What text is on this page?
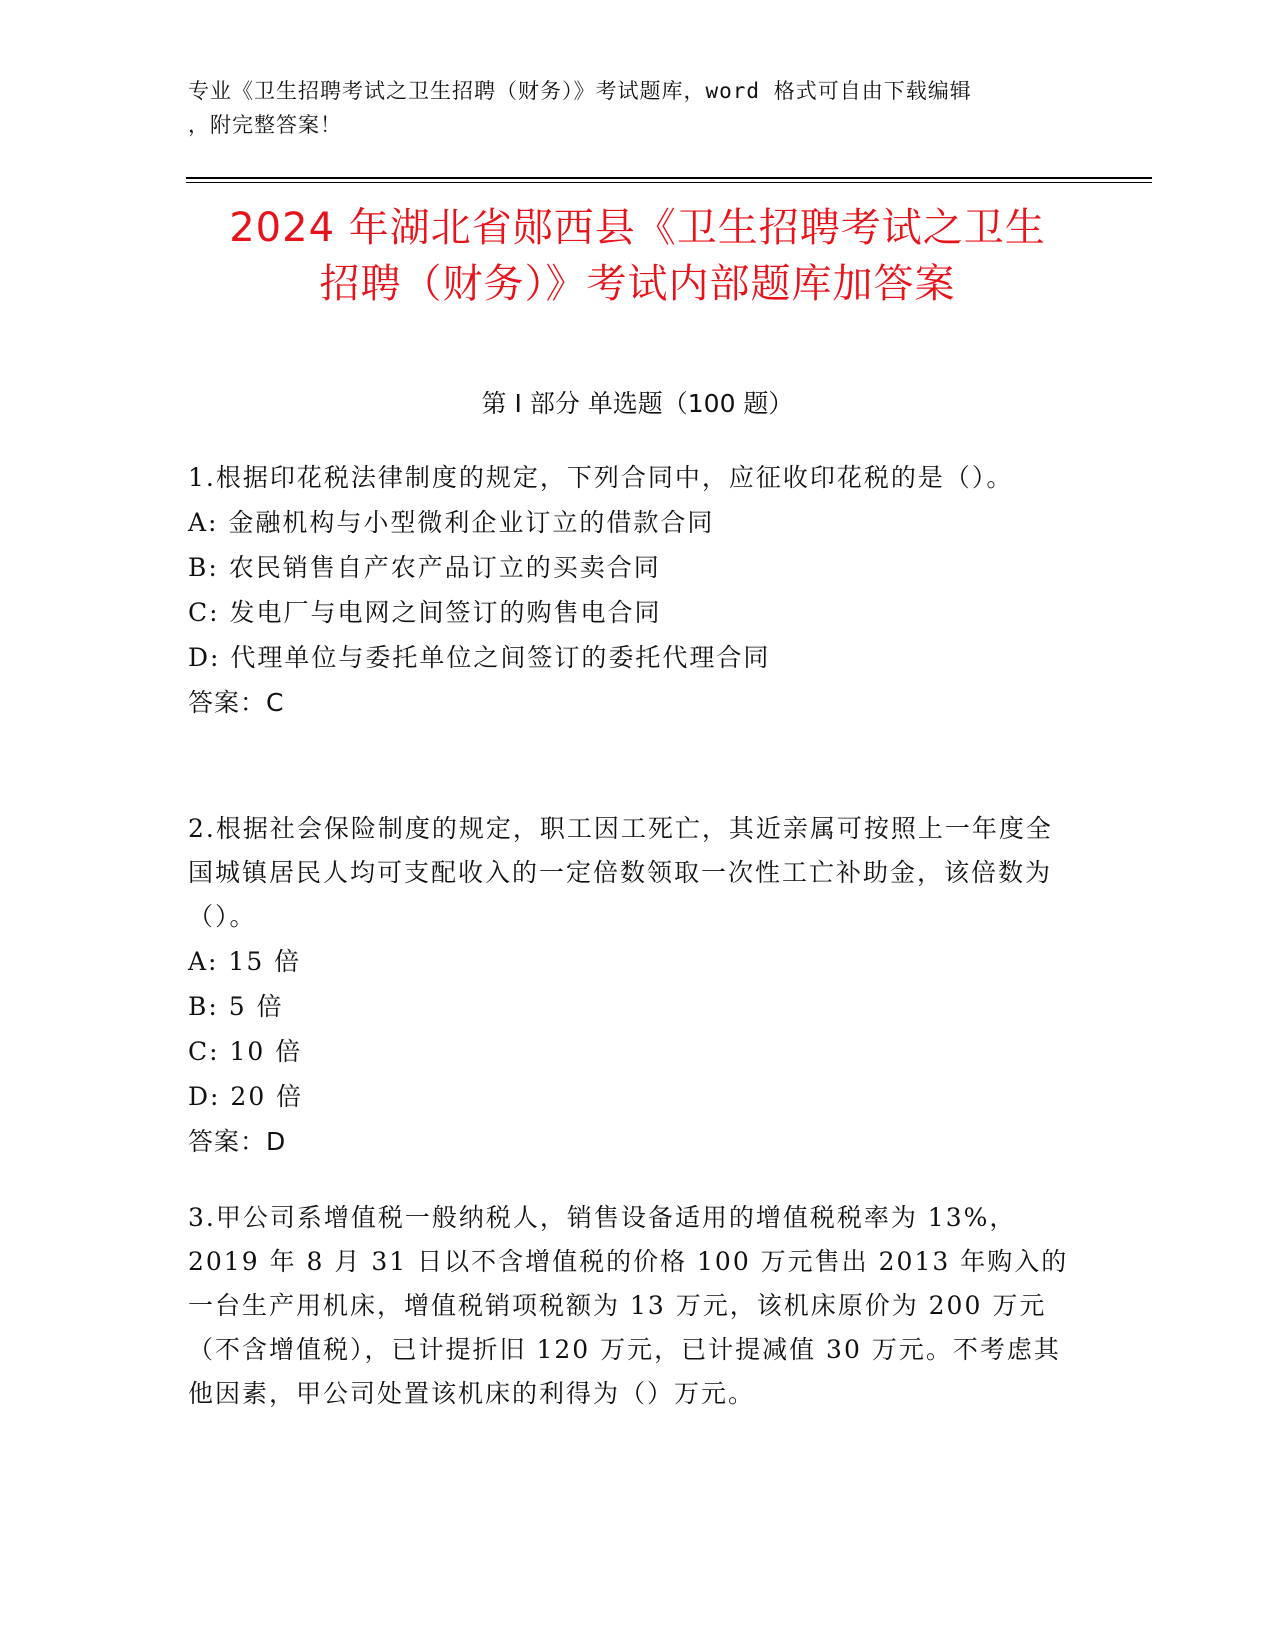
专业《卫生招聘考试之卫生招聘（财务）》考试题库，word 格式可自由下载编辑
，附完整答案！
2024 年湖北省郧西县《卫生招聘考试之卫生
招聘（财务）》考试内部题库加答案
第 I 部分 单选题（100 题）
1.根据印花税法律制度的规定，下列合同中，应征收印花税的是（）。
A: 金融机构与小型微利企业订立的借款合同
B: 农民销售自产农产品订立的买卖合同
C: 发电厂与电网之间签订的购售电合同
D: 代理单位与委托单位之间签订的委托代理合同
答案：C
2.根据社会保险制度的规定，职工因工死亡，其近亲属可按照上一年度全国城镇居民人均可支配收入的一定倍数领取一次性工亡补助金，该倍数为（）。
A: 15 倍
B: 5 倍
C: 10 倍
D: 20 倍
答案：D
3.甲公司系增值税一般纳税人，销售设备适用的增值税税率为 13%，2019 年 8 月 31 日以不含增值税的价格 100 万元售出 2013 年购入的一台生产用机床，增值税销项税额为 13 万元，该机床原价为 200 万元（不含增值税），已计提折旧 120 万元，已计提减值 30 万元。不考虑其他因素，甲公司处置该机床的利得为（）万元。
